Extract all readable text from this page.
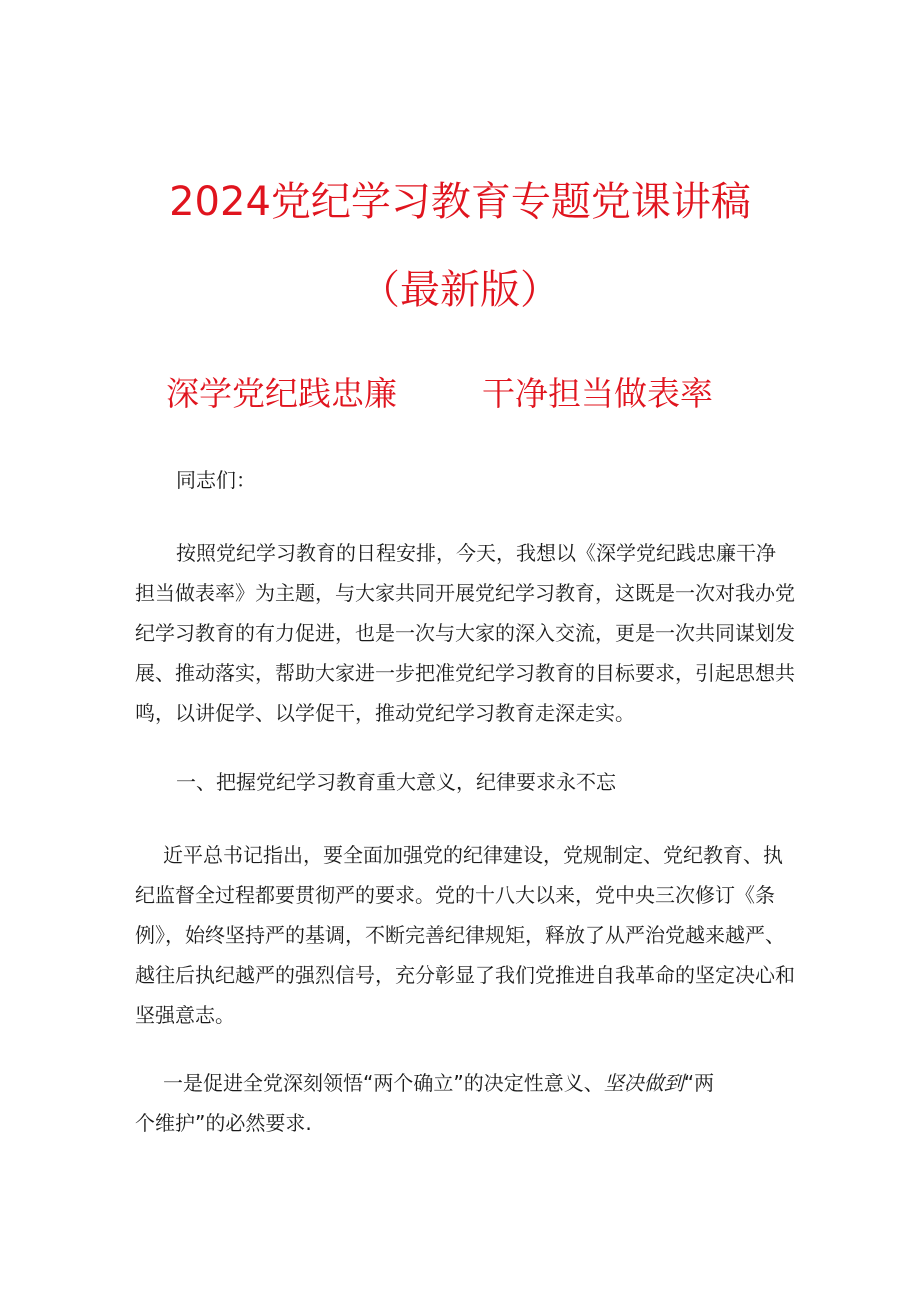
2024党纪学习教育专题党课讲稿
（最新版）
深学党纪践忠廉	干净担当做表率
同志们：
按照党纪学习教育的日程安排，今天，我想以《深学党纪践忠廉干净
担当做表率》为主题，与大家共同开展党纪学习教育，这既是一次对我办党
纪学习教育的有力促进，也是一次与大家的深入交流，更是一次共同谋划发
展、推动落实，帮助大家进一步把准党纪学习教育的目标要求，引起思想共
鸣，以讲促学、以学促干，推动党纪学习教育走深走实。
一、把握党纪学习教育重大意义，纪律要求永不忘
近平总书记指出，要全面加强党的纪律建设，党规制定、党纪教育、执
纪监督全过程都要贯彻严的要求。党的十八大以来，党中央三次修订《条
例》，始终坚持严的基调，不断完善纪律规矩，释放了从严治党越来越严、
越往后执纪越严的强烈信号，充分彰显了我们党推进自我革命的坚定决心和
坚强意志。
一是促进全党深刻领悟“两个确立”的决定性意义、坚决做到“两
个维护”的必然要求.
